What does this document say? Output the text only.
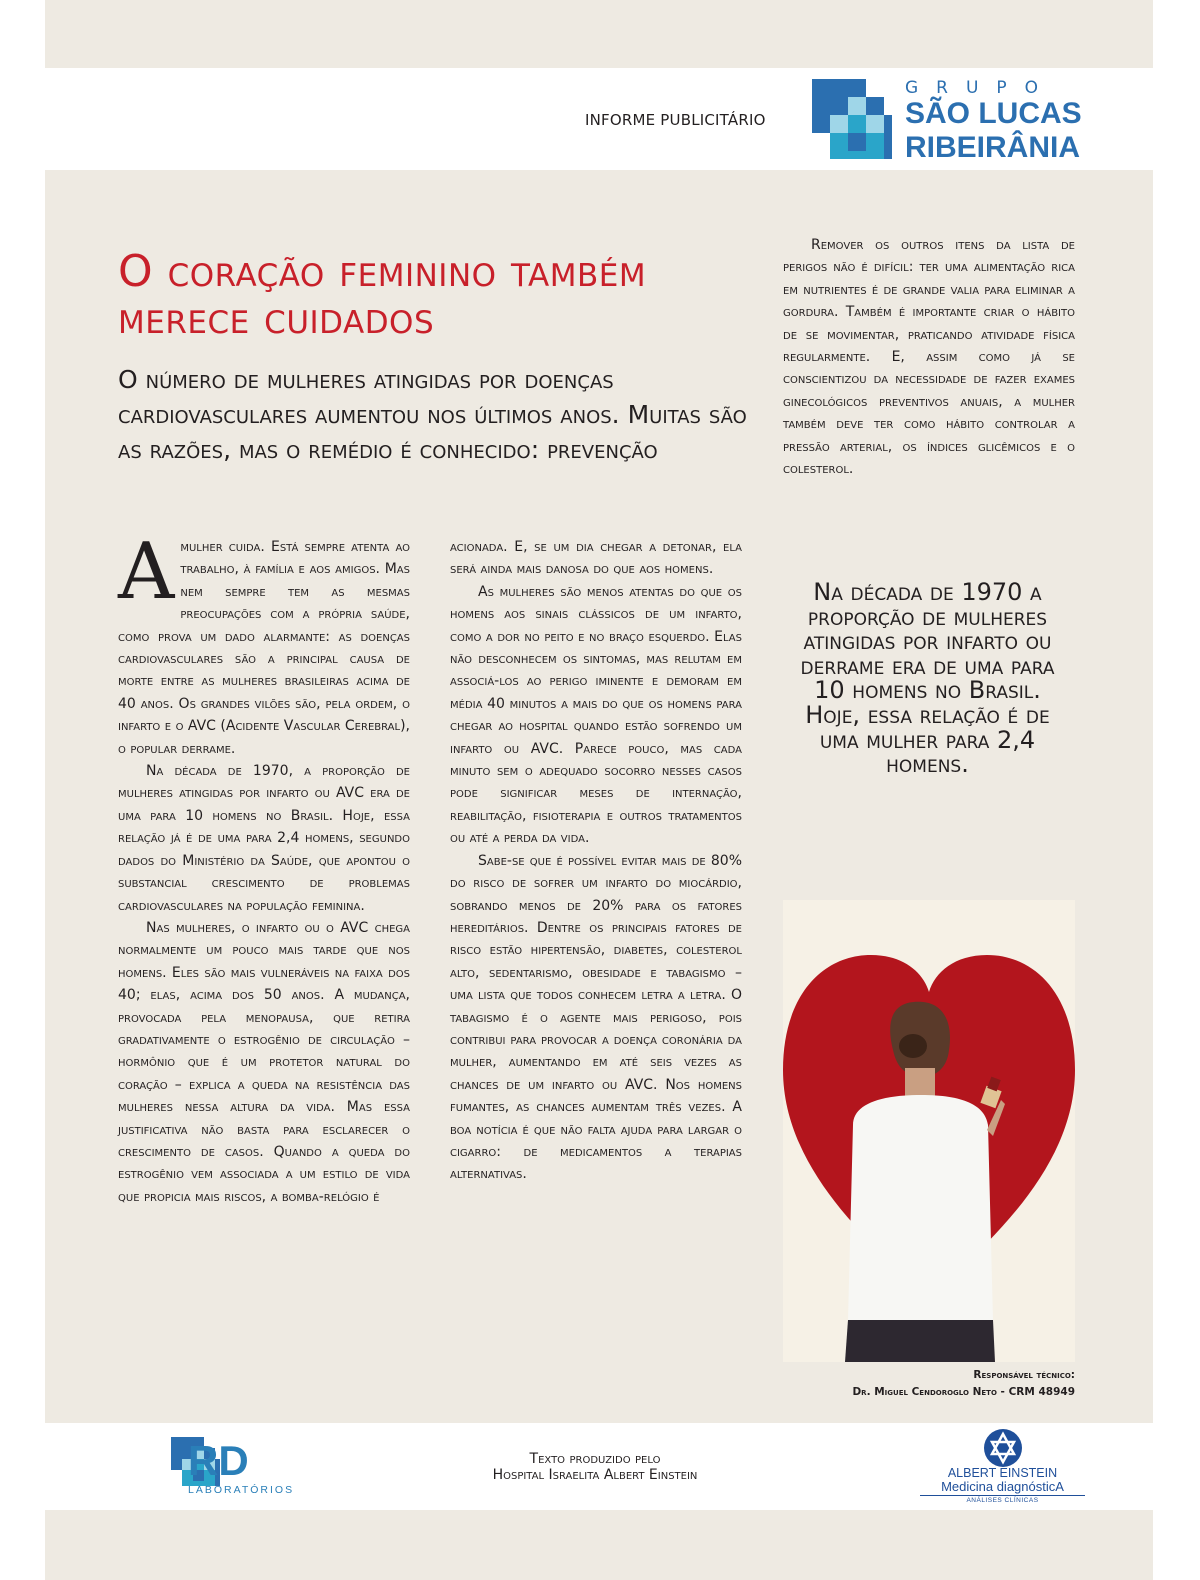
INFORME PUBLICITÁRIO
GRUPO
SÃO LUCAS
RIBEIRÂNIA
O coração feminino também merece cuidados
O número de mulheres atingidas por doenças cardiovasculares aumentou nos últimos anos. Muitas são as razões, mas o remédio é conhecido: prevenção

Amulher cuida. Está sempre atenta ao trabalho, à família e aos amigos. Mas nem sempre tem as mesmas preocupações com a própria saúde, como prova um dado alarmante: as doenças cardiovasculares são a principal causa de morte entre as mulheres brasileiras acima de 40 anos. Os grandes vilões são, pela ordem, o infarto e o AVC (Acidente Vascular Cerebral), o popular derrame.

Na década de 1970, a proporção de mulheres atingidas por infarto ou AVC era de uma para 10 homens no Brasil. Hoje, essa relação já é de uma para 2,4 homens, segundo dados do Ministério da Saúde, que apontou o substancial crescimento de problemas cardiovasculares na população feminina.

Nas mulheres, o infarto ou o AVC chega normalmente um pouco mais tarde que nos homens. Eles são mais vulneráveis na faixa dos 40; elas, acima dos 50 anos. A mudança, provocada pela menopausa, que retira gradativamente o estrogênio de circulação – hormônio que é um protetor natural do coração – explica a queda na resistência das mulheres nessa altura da vida. Mas essa justificativa não basta para esclarecer o crescimento de casos. Quando a queda do estrogênio vem associada a um estilo de vida que propicia mais riscos, a bomba-relógio é

acionada. E, se um dia chegar a detonar, ela será ainda mais danosa do que aos homens.

As mulheres são menos atentas do que os homens aos sinais clássicos de um infarto, como a dor no peito e no braço esquerdo. Elas não desconhecem os sintomas, mas relutam em associá-los ao perigo iminente e demoram em média 40 minutos a mais do que os homens para chegar ao hospital quando estão sofrendo um infarto ou AVC. Parece pouco, mas cada minuto sem o adequado socorro nesses casos pode significar meses de internação, reabilitação, fisioterapia e outros tratamentos ou até a perda da vida.

Sabe-se que é possível evitar mais de 80% do risco de sofrer um infarto do miocárdio, sobrando menos de 20% para os fatores hereditários. Dentre os principais fatores de risco estão hipertensão, diabetes, colesterol alto, sedentarismo, obesidade e tabagismo – uma lista que todos conhecem letra a letra. O tabagismo é o agente mais perigoso, pois contribui para provocar a doença coronária da mulher, aumentando em até seis vezes as chances de um infarto ou AVC. Nos homens fumantes, as chances aumentam três vezes. A boa notícia é que não falta ajuda para largar o cigarro: de medicamentos a terapias alternativas.

Remover os outros itens da lista de perigos não é difícil: ter uma alimentação rica em nutrientes é de grande valia para eliminar a gordura. Também é importante criar o hábito de se movimentar, praticando atividade física regularmente. E, assim como já se conscientizou da necessidade de fazer exames ginecológicos preventivos anuais, a mulher também deve ter como hábito controlar a pressão arterial, os índices glicêmicos e o colesterol.

Na década de 1970 a proporção de mulheres atingidas por infarto ou derrame era de uma para 10 homens no Brasil. Hoje, essa relação é de uma mulher para 2,4 homens.
Responsável técnico:
Dr. Miguel Cendoroglo Neto - CRM 48949
RD
LABORATÓRIOS
Texto produzido pelo
Hospital Israelita Albert Einstein	ALBERT EINSTEIN
Medicina diagnósticA
ANÁLISES CLÍNICAS
